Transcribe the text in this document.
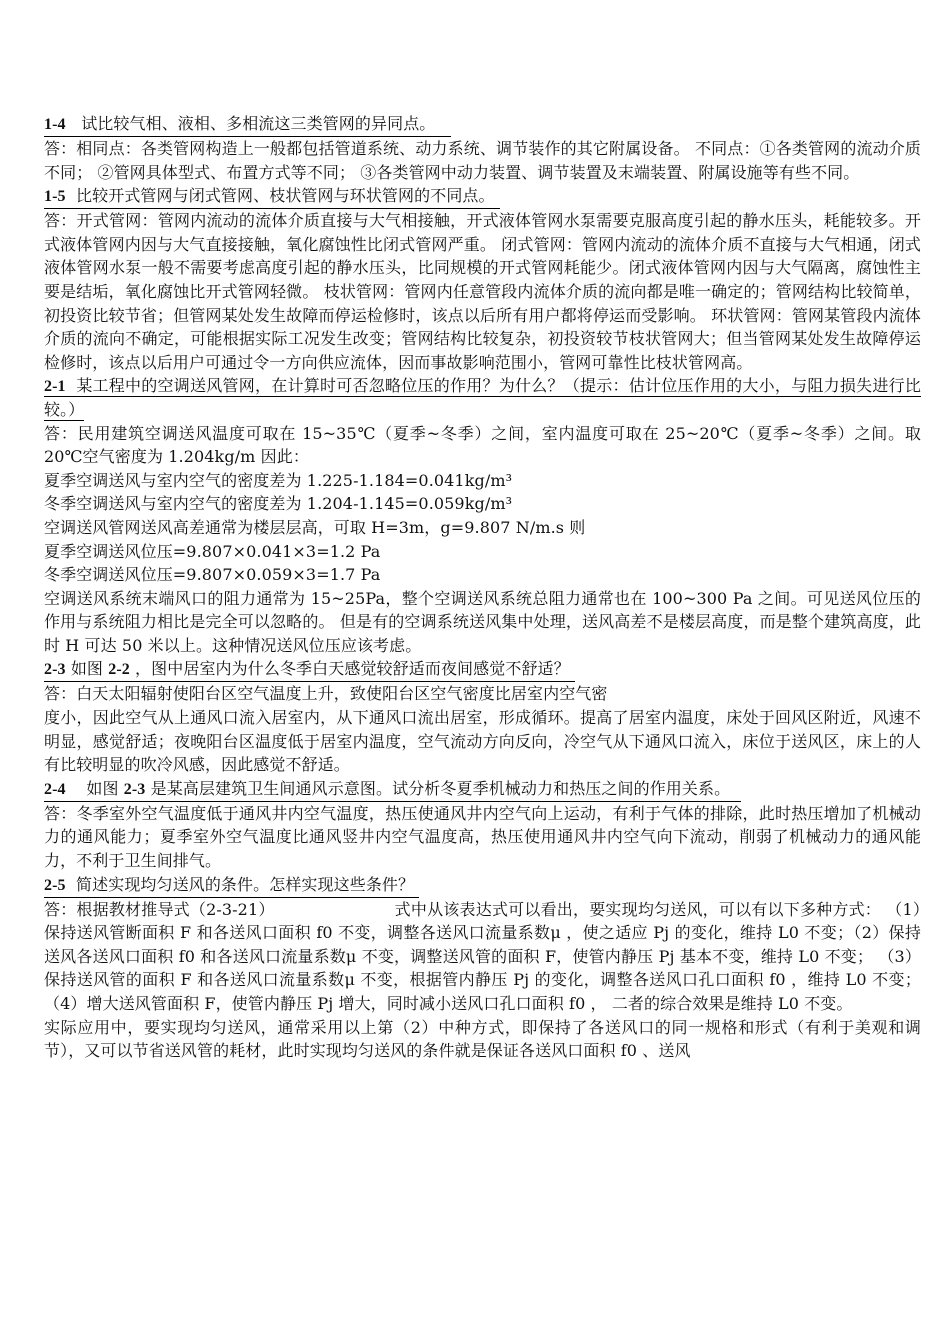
1-4 试比较气相、液相、多相流这三类管网的异同点。

答：相同点：各类管网构造上一般都包括管道系统、动力系统、调节装作的其它附属设备。 不同点：①各类管网的流动介质不同； ②管网具体型式、布置方式等不同； ③各类管网中动力装置、调节装置及末端装置、附属设施等有些不同。

1-5 比较开式管网与闭式管网、枝状管网与环状管网的不同点。

答：开式管网：管网内流动的流体介质直接与大气相接触，开式液体管网水泵需要克服高度引起的静水压头，耗能较多。开式液体管网内因与大气直接接触，氧化腐蚀性比闭式管网严重。 闭式管网：管网内流动的流体介质不直接与大气相通，闭式液体管网水泵一般不需要考虑高度引起的静水压头，比同规模的开式管网耗能少。闭式液体管网内因与大气隔离，腐蚀性主要是结垢，氧化腐蚀比开式管网轻微。 枝状管网：管网内任意管段内流体介质的流向都是唯一确定的；管网结构比较简单，初投资比较节省；但管网某处发生故障而停运检修时，该点以后所有用户都将停运而受影响。 环状管网：管网某管段内流体介质的流向不确定，可能根据实际工况发生改变；管网结构比较复杂，初投资较节枝状管网大；但当管网某处发生故障停运检修时，该点以后用户可通过令一方向供应流体，因而事故影响范围小，管网可靠性比枝状管网高。

2-1 某工程中的空调送风管网，在计算时可否忽略位压的作用？为什么？（提示：估计位压作用的大小，与阻力损失进行比较。）

答：民用建筑空调送风温度可取在 15~35℃（夏季~冬季）之间，室内温度可取在 25~20℃（夏季~冬季）之间。取 20℃空气密度为 1.204kg/m 因此：

夏季空调送风与室内空气的密度差为 1.225-1.184=0.041kg/m³

冬季空调送风与室内空气的密度差为 1.204-1.145=0.059kg/m³

空调送风管网送风高差通常为楼层层高，可取 H=3m，g=9.807 N/m.s 则

夏季空调送风位压=9.807×0.041×3=1.2 Pa

冬季空调送风位压=9.807×0.059×3=1.7 Pa

空调送风系统末端风口的阻力通常为 15~25Pa，整个空调送风系统总阻力通常也在 100~300 Pa 之间。可见送风位压的作用与系统阻力相比是完全可以忽略的。 但是有的空调系统送风集中处理，送风高差不是楼层高度，而是整个建筑高度，此时 H 可达 50 米以上。这种情况送风位压应该考虑。

2-3 如图 2-2 ，图中居室内为什么冬季白天感觉较舒适而夜间感觉不舒适？

答：白天太阳辐射使阳台区空气温度上升，致使阳台区空气密度比居室内空气密

度小，因此空气从上通风口流入居室内，从下通风口流出居室，形成循环。提高了居室内温度，床处于回风区附近，风速不明显，感觉舒适；夜晚阳台区温度低于居室内温度，空气流动方向反向，冷空气从下通风口流入，床位于送风区，床上的人有比较明显的吹冷风感，因此感觉不舒适。

2-4 如图 2-3 是某高层建筑卫生间通风示意图。试分析冬夏季机械动力和热压之间的作用关系。

答：冬季室外空气温度低于通风井内空气温度，热压使通风井内空气向上运动，有利于气体的排除，此时热压增加了机械动力的通风能力；夏季室外空气温度比通风竖井内空气温度高，热压使用通风井内空气向下流动，削弱了机械动力的通风能力，不利于卫生间排气。

2-5 简述实现均匀送风的条件。怎样实现这些条件？

答：根据教材推导式（2-3-21）	式中从该表达式可以看出，要实现均匀送风，可以有以下多种方式： （1）保持送风管断面积 F 和各送风口面积 f0 不变，调整各送风口流量系数μ ，使之适应 Pj 的变化，维持 L0 不变；（2）保持送风各送风口面积 f0 和各送风口流量系数μ 不变，调整送风管的面积 F，使管内静压 Pj 基本不变，维持 L0 不变； （3）保持送风管的面积 F 和各送风口流量系数μ 不变，根据管内静压 Pj 的变化，调整各送风口孔口面积 f0 ，维持 L0 不变； （4）增大送风管面积 F，使管内静压 Pj 增大，同时减小送风口孔口面积 f0 ， 二者的综合效果是维持 L0 不变。

实际应用中，要实现均匀送风，通常采用以上第（2）中种方式，即保持了各送风口的同一规格和形式（有利于美观和调节），又可以节省送风管的耗材，此时实现均匀送风的条件就是保证各送风口面积 f0 、送风
